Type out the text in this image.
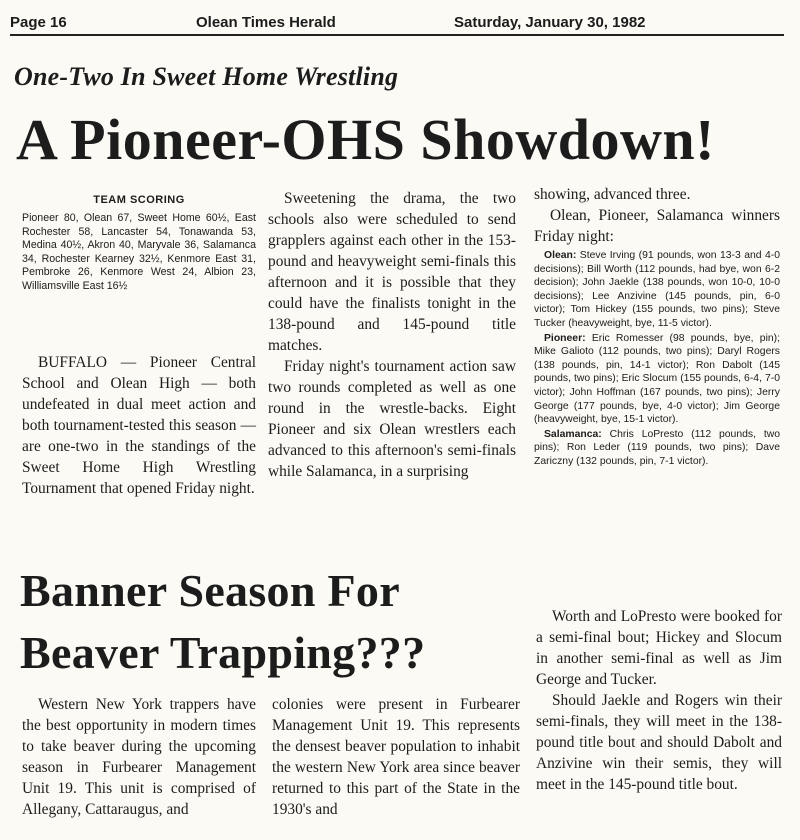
Page 16	Olean Times Herald	Saturday, January 30, 1982
One-Two In Sweet Home Wrestling
A Pioneer-OHS Showdown!
TEAM SCORING
Pioneer 80, Olean 67, Sweet Home 60½, East Rochester 58, Lancaster 54, Tonawanda 53, Medina 40½, Akron 40, Maryvale 36, Salamanca 34, Rochester Kearney 32½, Kenmore East 31, Pembroke 26, Kenmore West 24, Albion 23, Williamsville East 16½

BUFFALO — Pioneer Central School and Olean High — both undefeated in dual meet action and both tournament-tested this season — are one-two in the standings of the Sweet Home High Wrestling Tournament that opened Friday night.

Sweetening the drama, the two schools also were scheduled to send grapplers against each other in the 153-pound and heavyweight semi-finals this afternoon and it is possible that they could have the finalists tonight in the 138-pound and 145-pound title matches.

Friday night's tournament action saw two rounds completed as well as one round in the wrestle-backs. Eight Pioneer and six Olean wrestlers each advanced to this afternoon's semi-finals while Salamanca, in a surprising

showing, advanced three.

Olean, Pioneer, Salamanca winners Friday night:

Olean: Steve Irving (91 pounds, won 13-3 and 4-0 decisions); Bill Worth (112 pounds, had bye, won 6-2 decision); John Jaekle (138 pounds, won 10-0, 10-0 decisions); Lee Anzivine (145 pounds, pin, 6-0 victor); Tom Hickey (155 pounds, two pins); Steve Tucker (heavyweight, bye, 11-5 victor).

Pioneer: Eric Romesser (98 pounds, bye, pin); Mike Galioto (112 pounds, two pins); Daryl Rogers (138 pounds, pin, 14-1 victor); Ron Dabolt (145 pounds, two pins); Eric Slocum (155 pounds, 6-4, 7-0 victor); John Hoffman (167 pounds, two pins); Jerry George (177 pounds, bye, 4-0 victor); Jim George (heavyweight, bye, 15-1 victor).

Salamanca: Chris LoPresto (112 pounds, two pins); Ron Leder (119 pounds, two pins); Dave Zariczny (132 pounds, pin, 7-1 victor).

Worth and LoPresto were booked for a semi-final bout; Hickey and Slocum in another semi-final as well as Jim George and Tucker.

Should Jaekle and Rogers win their semi-finals, they will meet in the 138-pound title bout and should Dabolt and Anzivine win their semis, they will meet in the 145-pound title bout.

Banner Season For
Beaver Trapping???

Western New York trappers have the best opportunity in modern times to take beaver during the upcoming season in Furbearer Management Unit 19. This unit is comprised of Allegany, Cattaraugus, and

colonies were present in Furbearer Management Unit 19. This represents the densest beaver population to inhabit the western New York area since beaver returned to this part of the State in the 1930's and
